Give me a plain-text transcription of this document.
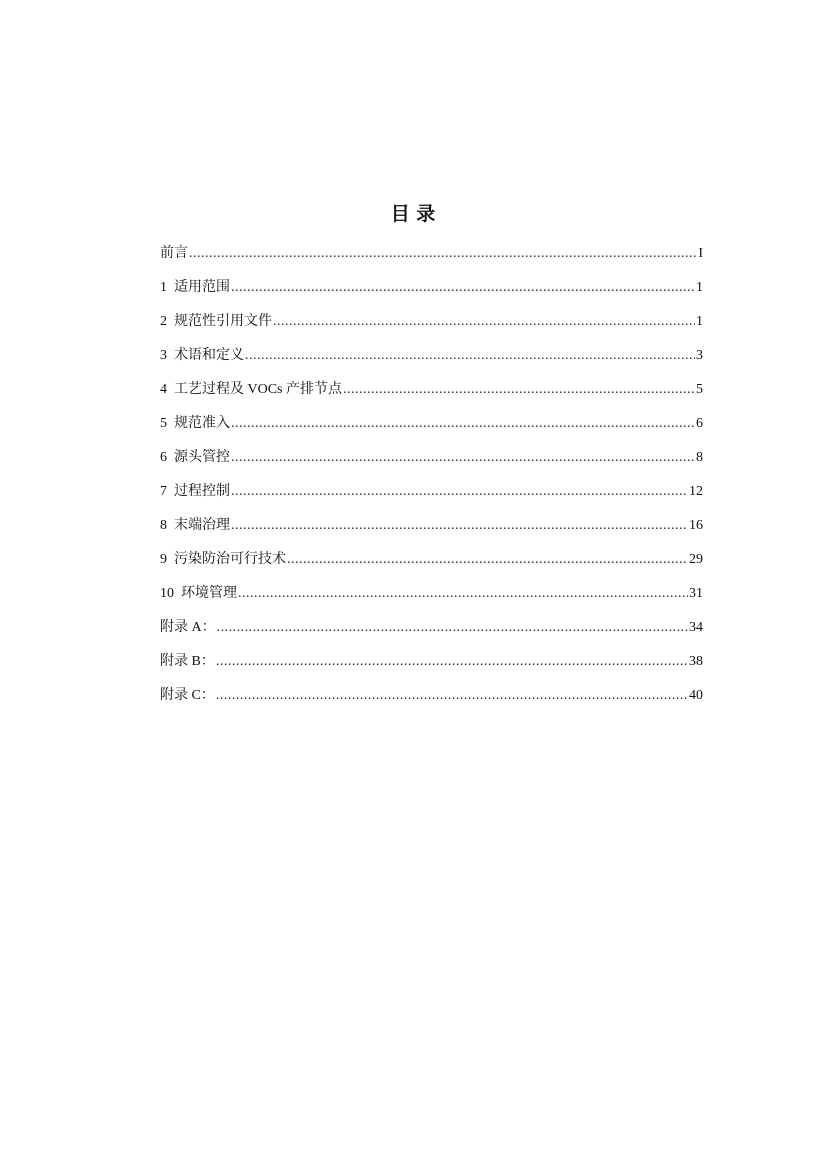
目 录
前言 .....	I
1 适用范围 .....	1
2 规范性引用文件 .....	1
3 术语和定义 .....	3
4 工艺过程及 VOCs 产排节点 .....	5
5 规范准入 .....	6
6 源头管控 .....	8
7 过程控制 .....	12
8 末端治理 .....	16
9 污染防治可行技术 .....	29
10 环境管理 .....	31
附录 A： .....	34
附录 B： .....	38
附录 C： .....	40
